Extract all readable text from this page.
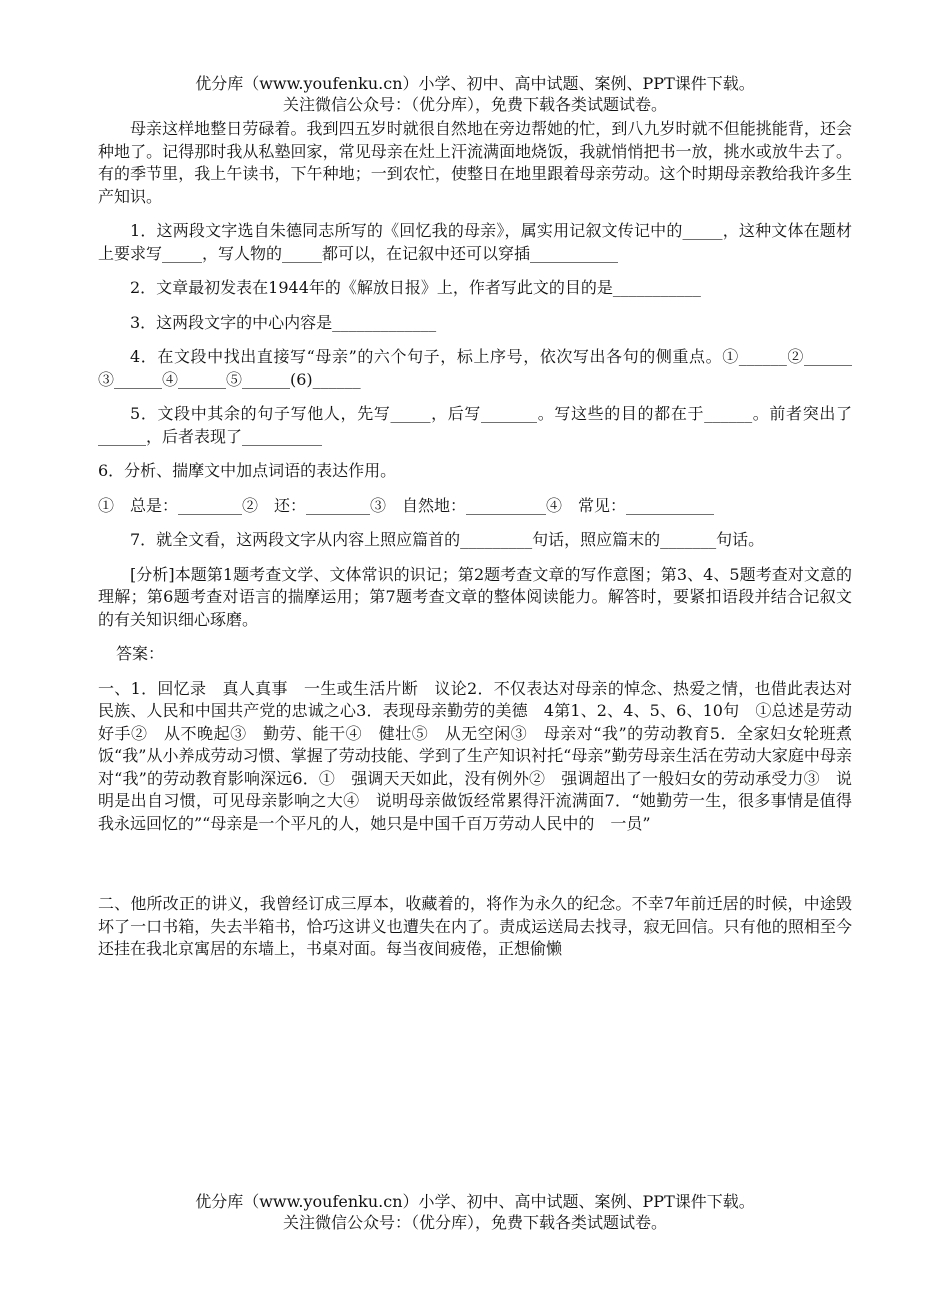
优分库（www.youfenku.cn）小学、初中、高中试题、案例、PPT课件下载。
关注微信公众号：（优分库），免费下载各类试题试卷。

母亲这样地整日劳碌着。我到四五岁时就很自然地在旁边帮她的忙，到八九岁时就不但能挑能背，还会种地了。记得那时我从私塾回家，常见母亲在灶上汗流满面地烧饭，我就悄悄把书一放，挑水或放牛去了。有的季节里，我上午读书，下午种地；一到农忙，使整日在地里跟着母亲劳动。这个时期母亲教给我许多生产知识。

1．这两段文字选自朱德同志所写的《回忆我的母亲》，属实用记叙文传记中的_____，这种文体在题材上要求写_____，写人物的_____都可以，在记叙中还可以穿插___________

2．文章最初发表在1944年的《解放日报》上，作者写此文的目的是___________

3．这两段文字的中心内容是_____________

4．在文段中找出直接写“母亲”的六个句子，标上序号，依次写出各句的侧重点。①______②______ ③______④______⑤______(6)______

5．文段中其余的句子写他人，先写_____，后写_______。写这些的目的都在于______。前者突出了______，后者表现了__________

6．分析、揣摩文中加点词语的表达作用。

①　总是：________②　还：________③　自然地：__________④　常见：___________

7．就全文看，这两段文字从内容上照应篇首的_________句话，照应篇末的_______句话。

[分析]本题第1题考查文学、文体常识的识记；第2题考查文章的写作意图；第3、4、5题考查对文意的理解；第6题考查对语言的揣摩运用；第7题考查文章的整体阅读能力。解答时，要紧扣语段并结合记叙文的有关知识细心琢磨。

答案：

一、1．回忆录　真人真事　一生或生活片断　议论2．不仅表达对母亲的悼念、热爱之情，也借此表达对民族、人民和中国共产党的忠诚之心3．表现母亲勤劳的美德　4第1、2、4、5、6、10句　①总述是劳动好手②　从不晚起③　勤劳、能干④　健壮⑤　从无空闲③　母亲对“我”的劳动教育5．全家妇女轮班煮饭“我”从小养成劳动习惯、掌握了劳动技能、学到了生产知识衬托“母亲”勤劳母亲生活在劳动大家庭中母亲对“我”的劳动教育影响深远6．①　强调天天如此，没有例外②　强调超出了一般妇女的劳动承受力③　说明是出自习惯，可见母亲影响之大④　说明母亲做饭经常累得汗流满面7．“她勤劳一生，很多事情是值得我永远回忆的”“母亲是一个平凡的人，她只是中国千百万劳动人民中的　一员”

二、他所改正的讲义，我曾经订成三厚本，收藏着的，将作为永久的纪念。不幸7年前迁居的时候，中途毁坏了一口书箱，失去半箱书，恰巧这讲义也遭失在内了。责成运送局去找寻，寂无回信。只有他的照相至今还挂在我北京寓居的东墙上，书桌对面。每当夜间疲倦，正想偷懒

优分库（www.youfenku.cn）小学、初中、高中试题、案例、PPT课件下载。
关注微信公众号：（优分库），免费下载各类试题试卷。
